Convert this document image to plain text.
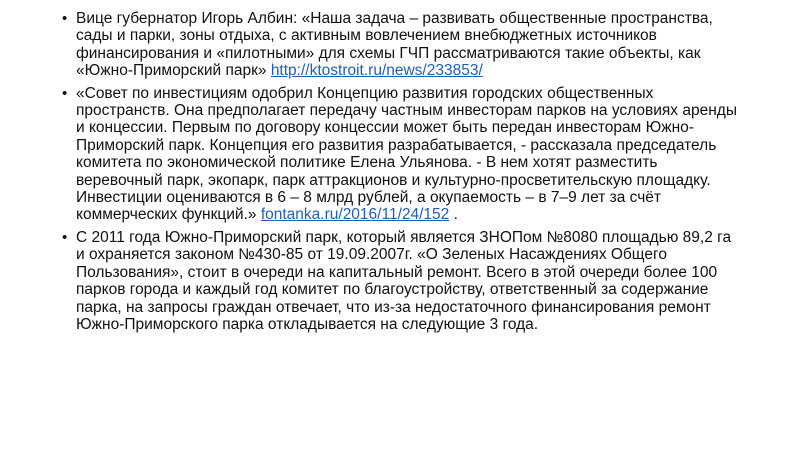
• Вице губернатор Игорь Албин: «Наша задача – развивать общественные пространства, сады и парки, зоны отдыха, с активным вовлечением внебюджетных источников финансирования и «пилотными» для схемы ГЧП рассматриваются такие объекты, как «Южно-Приморский парк» http://ktostroit.ru/news/233853/
• «Совет по инвестициям одобрил Концепцию развития городских общественных пространств. Она предполагает передачу частным инвесторам парков на условиях аренды и концессии. Первым по договору концессии может быть передан инвесторам Южно-Приморский парк. Концепция его развития разрабатывается, - рассказала председатель комитета по экономической политике Елена Ульянова. - В нем хотят разместить веревочный парк, экопарк, парк аттракционов и культурно-просветительскую площадку. Инвестиции оцениваются в 6 – 8 млрд рублей, а окупаемость – в 7–9 лет за счёт коммерческих функций.» fontanka.ru/2016/11/24/152 .
• С 2011 года Южно-Приморский парк, который является ЗНОПом №8080 площадью 89,2 га и охраняется законом №430-85 от 19.09.2007г. «О Зеленых Насаждениях Общего Пользования», стоит в очереди на капитальный ремонт. Всего в этой очереди более 100 парков города и каждый год комитет по благоустройству, ответственный за содержание парка, на запросы граждан отвечает, что из-за недостаточного финансирования ремонт Южно-Приморского парка откладывается на следующие 3 года.
